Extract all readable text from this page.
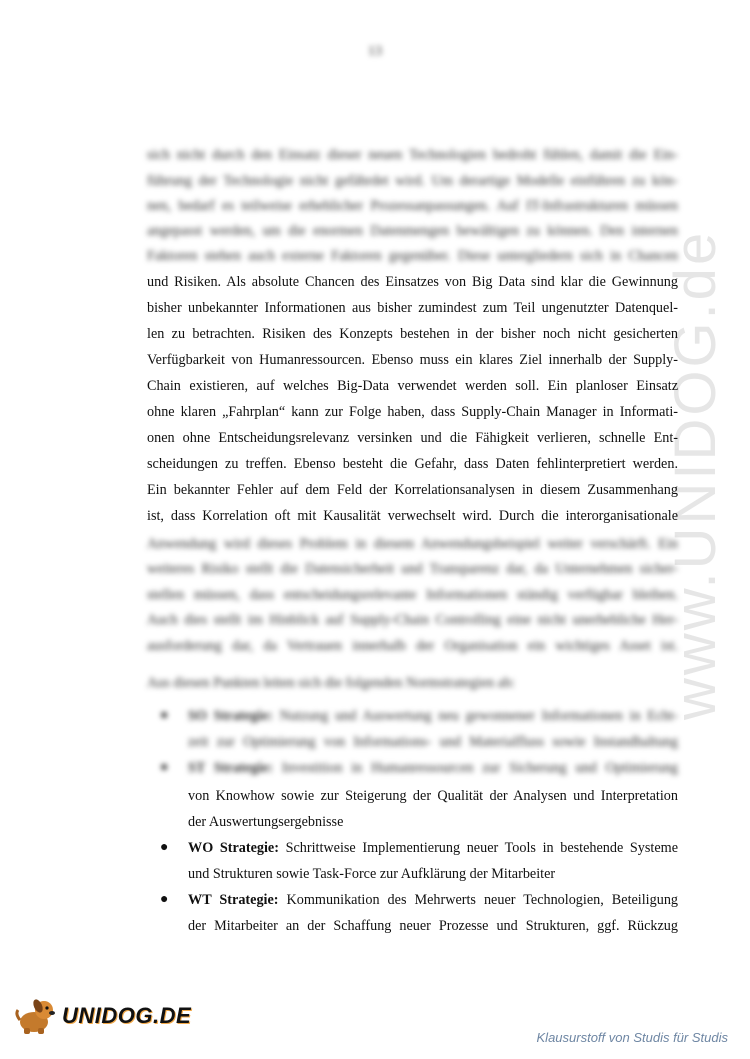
13
www.UNIDOG.de
sich nicht durch den Einsatz dieser neuen Technologien bedroht fühlen, damit die Ein-
führung der Technologie nicht gefährdet wird. Um derartige Modelle einführen zu kön-
nen, bedarf es teilweise erheblicher Prozessanpassungen. Auf IT-Infrastrukturen müssen
angepasst werden, um die enormen Datenmengen bewältigen zu können. Den internen
Faktoren stehen auch externe Faktoren gegenüber. Diese untergliedern sich in Chancen
und Risiken. Als absolute Chancen des Einsatzes von Big Data sind klar die Gewinnung
bisher unbekannter Informationen aus bisher zumindest zum Teil ungenutzter Datenquel-
len zu betrachten. Risiken des Konzepts bestehen in der bisher noch nicht gesicherten
Verfügbarkeit von Humanressourcen. Ebenso muss ein klares Ziel innerhalb der Supply-
Chain existieren, auf welches Big-Data verwendet werden soll. Ein planloser Einsatz
ohne klaren „Fahrplan“ kann zur Folge haben, dass Supply-Chain Manager in Informati-
onen ohne Entscheidungsrelevanz versinken und die Fähigkeit verlieren, schnelle Ent-
scheidungen zu treffen. Ebenso besteht die Gefahr, dass Daten fehlinterpretiert werden.
Ein bekannter Fehler auf dem Feld der Korrelationsanalysen in diesem Zusammenhang
ist, dass Korrelation oft mit Kausalität verwechselt wird. Durch die interorganisationale
Anwendung wird dieses Problem in diesem Anwendungsbeispiel weiter verschärft. Ein
weiteres Risiko stellt die Datensicherheit und Transparenz dar, da Unternehmen sicher-
stellen müssen, dass entscheidungsrelevante Informationen ständig verfügbar bleiben.
Auch dies stellt im Hinblick auf Supply-Chain Controlling eine nicht unerhebliche Her-
ausforderung dar, da Vertrauen innerhalb der Organisation ein wichtiges Asset ist.
Aus diesen Punkten leiten sich die folgenden Normstrategien ab:
● SO Strategie: Nutzung und Auswertung neu gewonnener Informationen in Echt-
zeit zur Optimierung von Informations- und Materialfluss sowie Instandhaltung
● ST Strategie: Investition in Humanressourcen zur Sicherung und Optimierung
von Knowhow sowie zur Steigerung der Qualität der Analysen und Interpretation
der Auswertungsergebnisse
● WO Strategie: Schrittweise Implementierung neuer Tools in bestehende Systeme
und Strukturen sowie Task-Force zur Aufklärung der Mitarbeiter
● WT Strategie: Kommunikation des Mehrwerts neuer Technologien, Beteiligung
der Mitarbeiter an der Schaffung neuer Prozesse und Strukturen, ggf. Rückzug
UNIDOG.DE
Klausurstoff von Studis für Studis
